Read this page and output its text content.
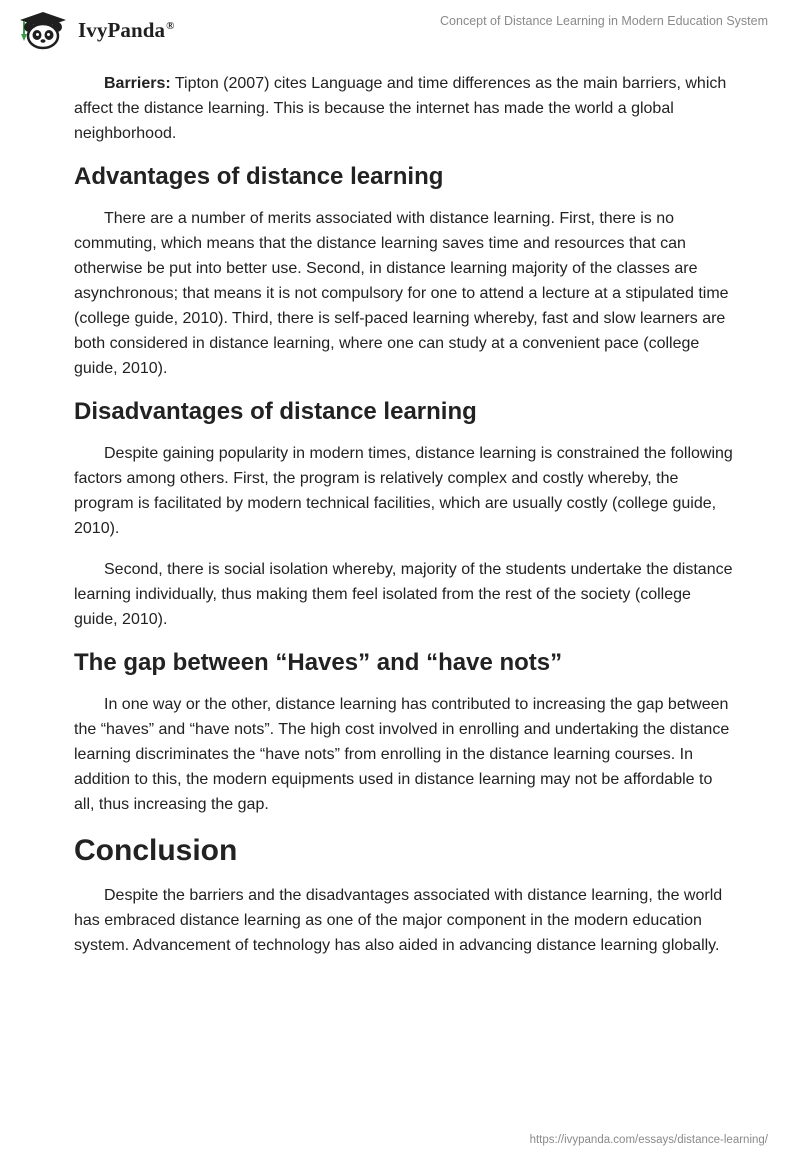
IvyPanda®	Concept of Distance Learning in Modern Education System

Barriers: Tipton (2007) cites Language and time differences as the main barriers, which affect the distance learning. This is because the internet has made the world a global neighborhood.

Advantages of distance learning

There are a number of merits associated with distance learning. First, there is no commuting, which means that the distance learning saves time and resources that can otherwise be put into better use. Second, in distance learning majority of the classes are asynchronous; that means it is not compulsory for one to attend a lecture at a stipulated time (college guide, 2010). Third, there is self-paced learning whereby, fast and slow learners are both considered in distance learning, where one can study at a convenient pace (college guide, 2010).

Disadvantages of distance learning

Despite gaining popularity in modern times, distance learning is constrained the following factors among others. First, the program is relatively complex and costly whereby, the program is facilitated by modern technical facilities, which are usually costly (college guide, 2010).

Second, there is social isolation whereby, majority of the students undertake the distance learning individually, thus making them feel isolated from the rest of the society (college guide, 2010).

The gap between “Haves” and “have nots”

In one way or the other, distance learning has contributed to increasing the gap between the “haves” and “have nots”. The high cost involved in enrolling and undertaking the distance learning discriminates the “have nots” from enrolling in the distance learning courses. In addition to this, the modern equipments used in distance learning may not be affordable to all, thus increasing the gap.

Conclusion

Despite the barriers and the disadvantages associated with distance learning, the world has embraced distance learning as one of the major component in the modern education system. Advancement of technology has also aided in advancing distance learning globally.

https://ivypanda.com/essays/distance-learning/
